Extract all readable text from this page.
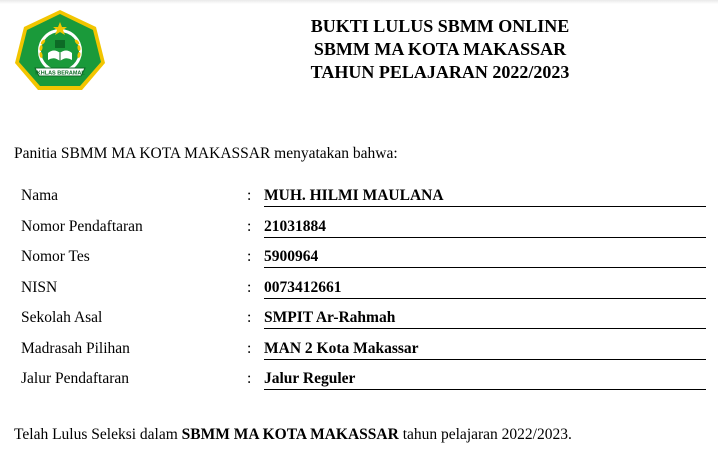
IKHLAS BERAMAL
BUKTI LULUS SBMM ONLINE
SBMM MA KOTA MAKASSAR
TAHUN PELAJARAN 2022/2023
Panitia SBMM MA KOTA MAKASSAR menyatakan bahwa:
Nama	: MUH. HILMI MAULANA
Nomor Pendaftaran	: 21031884
Nomor Tes	: 5900964
NISN	: 0073412661
Sekolah Asal	: SMPIT Ar-Rahmah
Madrasah Pilihan	: MAN 2 Kota Makassar
Jalur Pendaftaran	: Jalur Reguler
Telah Lulus Seleksi dalam SBMM MA KOTA MAKASSAR tahun pelajaran 2022/2023.
